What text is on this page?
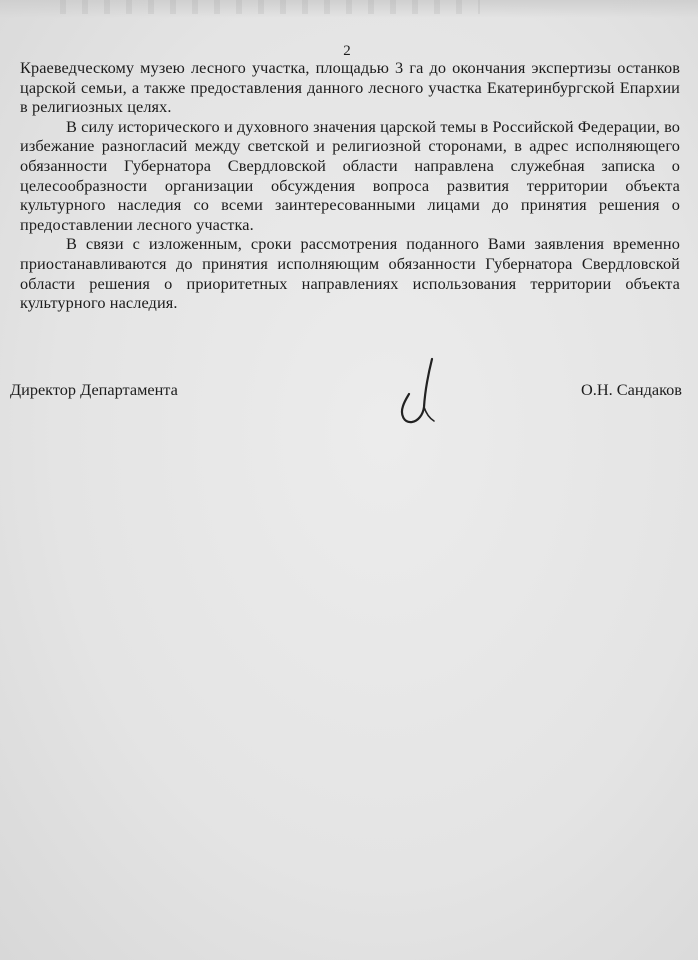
2

Краеведческому музею лесного участка, площадью 3 га до окончания экспертизы останков царской семьи, а также предоставления данного лесного участка Екатеринбургской Епархии в религиозных целях.

В силу исторического и духовного значения царской темы в Российской Федерации, во избежание разногласий между светской и религиозной сторонами, в адрес исполняющего обязанности Губернатора Свердловской области направлена служебная записка о целесообразности организации обсуждения вопроса развития территории объекта культурного наследия со всеми заинтересованными лицами до принятия решения о предоставлении лесного участка.

В связи с изложенным, сроки рассмотрения поданного Вами заявления временно приостанавливаются до принятия исполняющим обязанности Губернатора Свердловской области решения о приоритетных направлениях использования территории объекта культурного наследия.

Директор Департамента	О.Н. Сандаков
